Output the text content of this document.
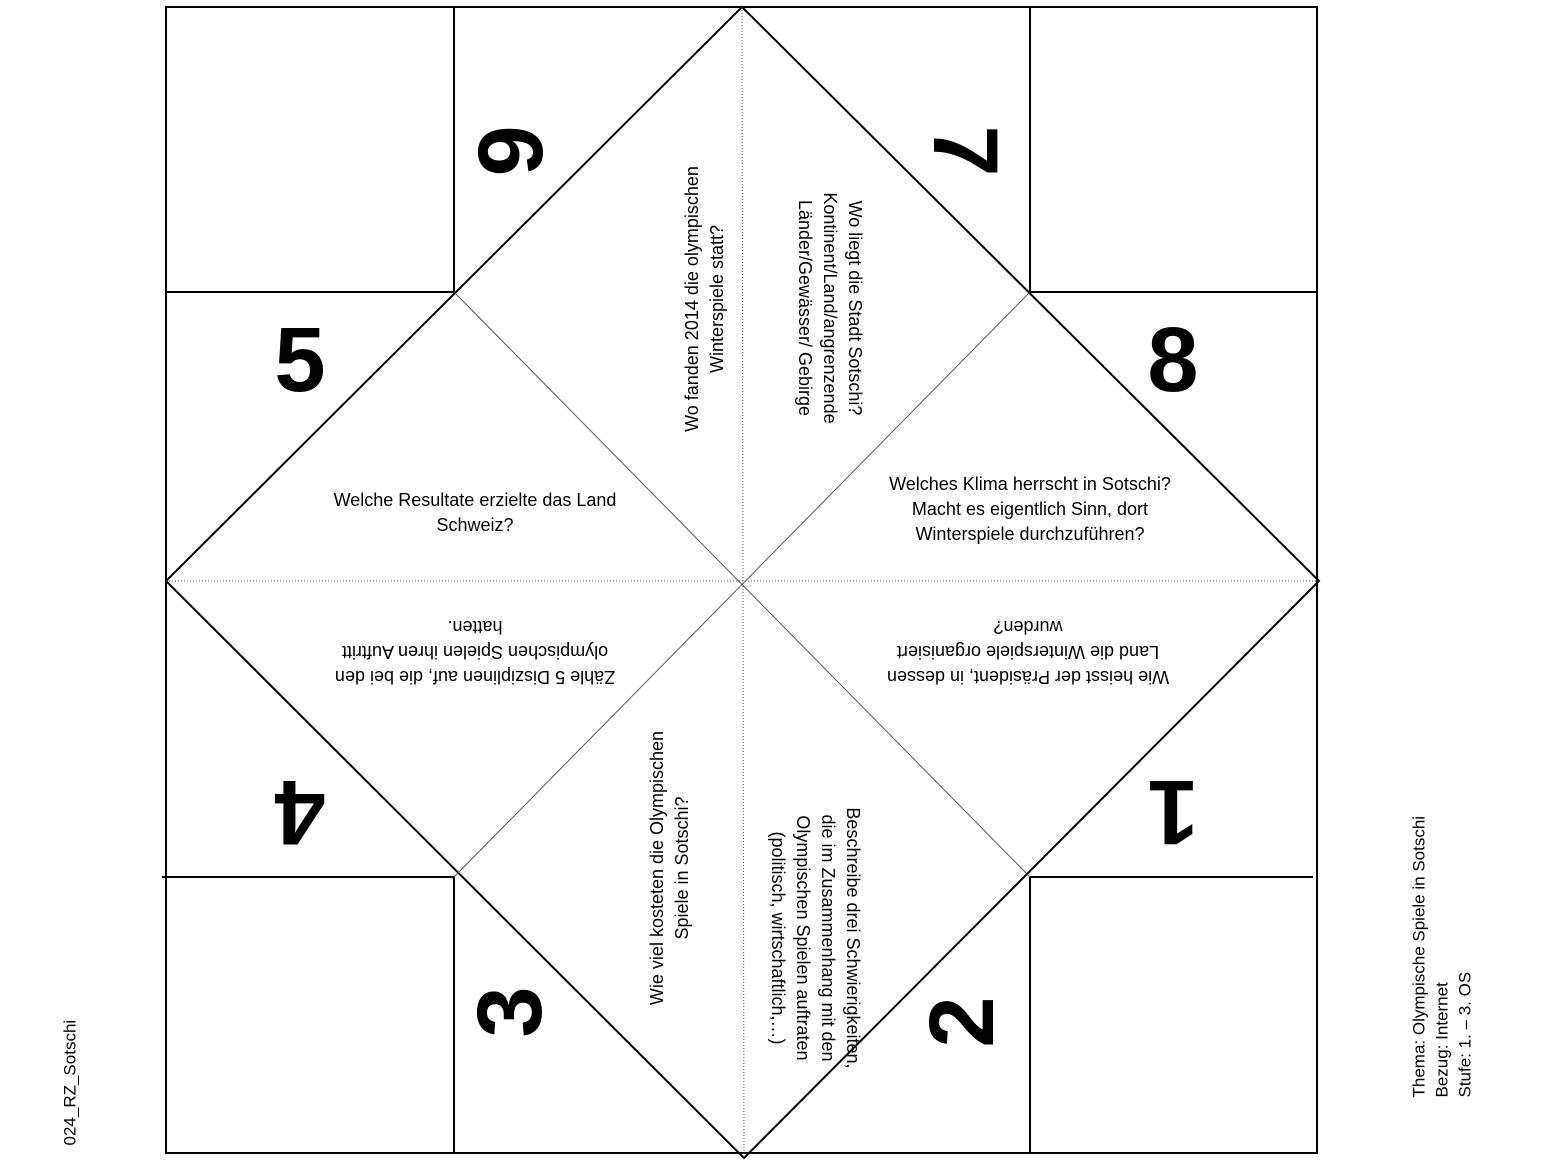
6	7
5	8
4	1
3	2
Wo fanden 2014 die olympischen Winterspiele statt?	Wo liegt die Stadt Sotschi? Kontinent/Land/angrenzende Länder/Gewässer/ Gebirge
Welche Resultate erzielte das Land Schweiz?
Welches Klima herrscht in Sotschi? Macht es eigentlich Sinn, dort Winterspiele durchzuführen?
Zähle 5 Disziplinen auf, die bei den olympischen Spielen ihren Auftritt hatten.
Wie heisst der Präsident, in dessen Land die Winterspiele organisiert wurden?
Wie viel kosteten die Olympischen Spiele in Sotschi?	Beschreibe drei Schwierigkeiten, die im Zusammenhang mit den Olympischen Spielen auftraten (politisch, wirtschaftlich,…)
024_RZ_Sotschi	Thema: Olympische Spiele in Sotschi Bezug: Internet Stufe: 1. – 3. OS
